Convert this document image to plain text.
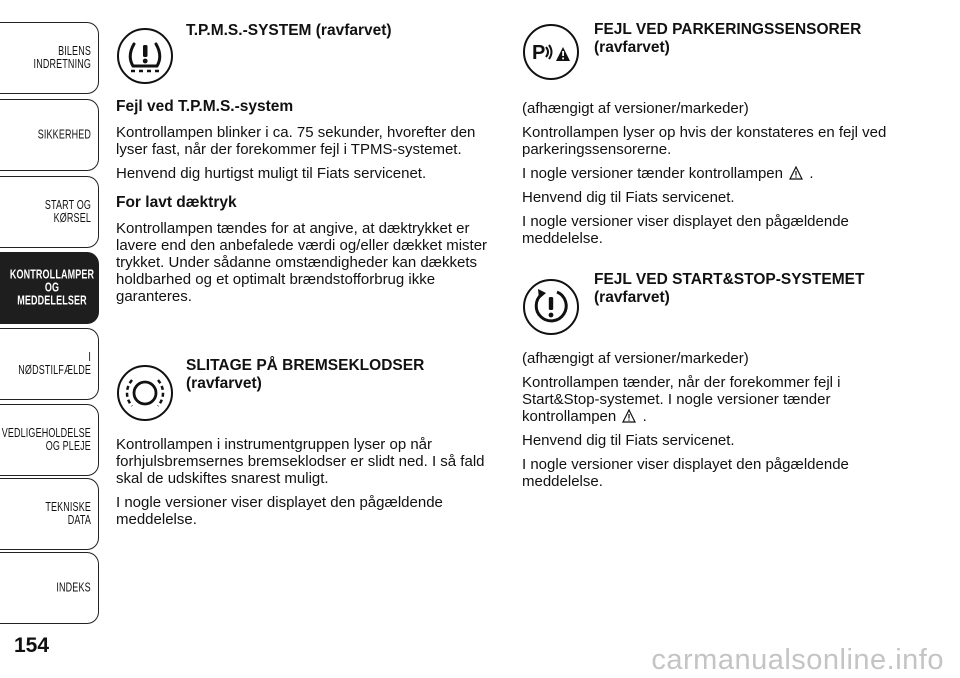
BILENS INDRETNING
SIKKERHED
START OG KØRSEL
KONTROLLAMPER
OG MEDDELELSER
I NØDSTILFÆLDE
VEDLIGEHOLDELSE
OG PLEJE
TEKNISKE DATA
INDEKS
154	carmanualsonline.info
T.P.M.S.-SYSTEM (ravfarvet)

Fejl ved T.P.M.S.-system

Kontrollampen blinker i ca. 75 sekunder, hvorefter den lyser fast, når der forekommer fejl i TPMS-systemet.

Henvend dig hurtigst muligt til Fiats servicenet.

For lavt dæktryk

Kontrollampen tændes for at angive, at dæktrykket er lavere end den anbefalede værdi og/eller dækket mister trykket. Under sådanne omstændigheder kan dækkets holdbarhed og et optimalt brændstofforbrug ikke garanteres.

SLITAGE PÅ BREMSEKLODSER
(ravfarvet)

Kontrollampen i instrumentgruppen lyser op når forhjulsbremsernes bremseklodser er slidt ned. I så fald skal de udskiftes snarest muligt.

I nogle versioner viser displayet den pågældende meddelelse.

P
FEJL VED PARKERINGSSENSORER
(ravfarvet)

(afhængigt af versioner/markeder)

Kontrollampen lyser op hvis der konstateres en fejl ved parkeringssensorerne.

I nogle versioner tænder kontrollampen .

Henvend dig til Fiats servicenet.

I nogle versioner viser displayet den pågældende meddelelse.

FEJL VED START&STOP-SYSTEMET
(ravfarvet)

(afhængigt af versioner/markeder)

Kontrollampen tænder, når der forekommer fejl i Start&Stop-systemet. I nogle versioner tænder kontrollampen .

Henvend dig til Fiats servicenet.

I nogle versioner viser displayet den pågældende meddelelse.
